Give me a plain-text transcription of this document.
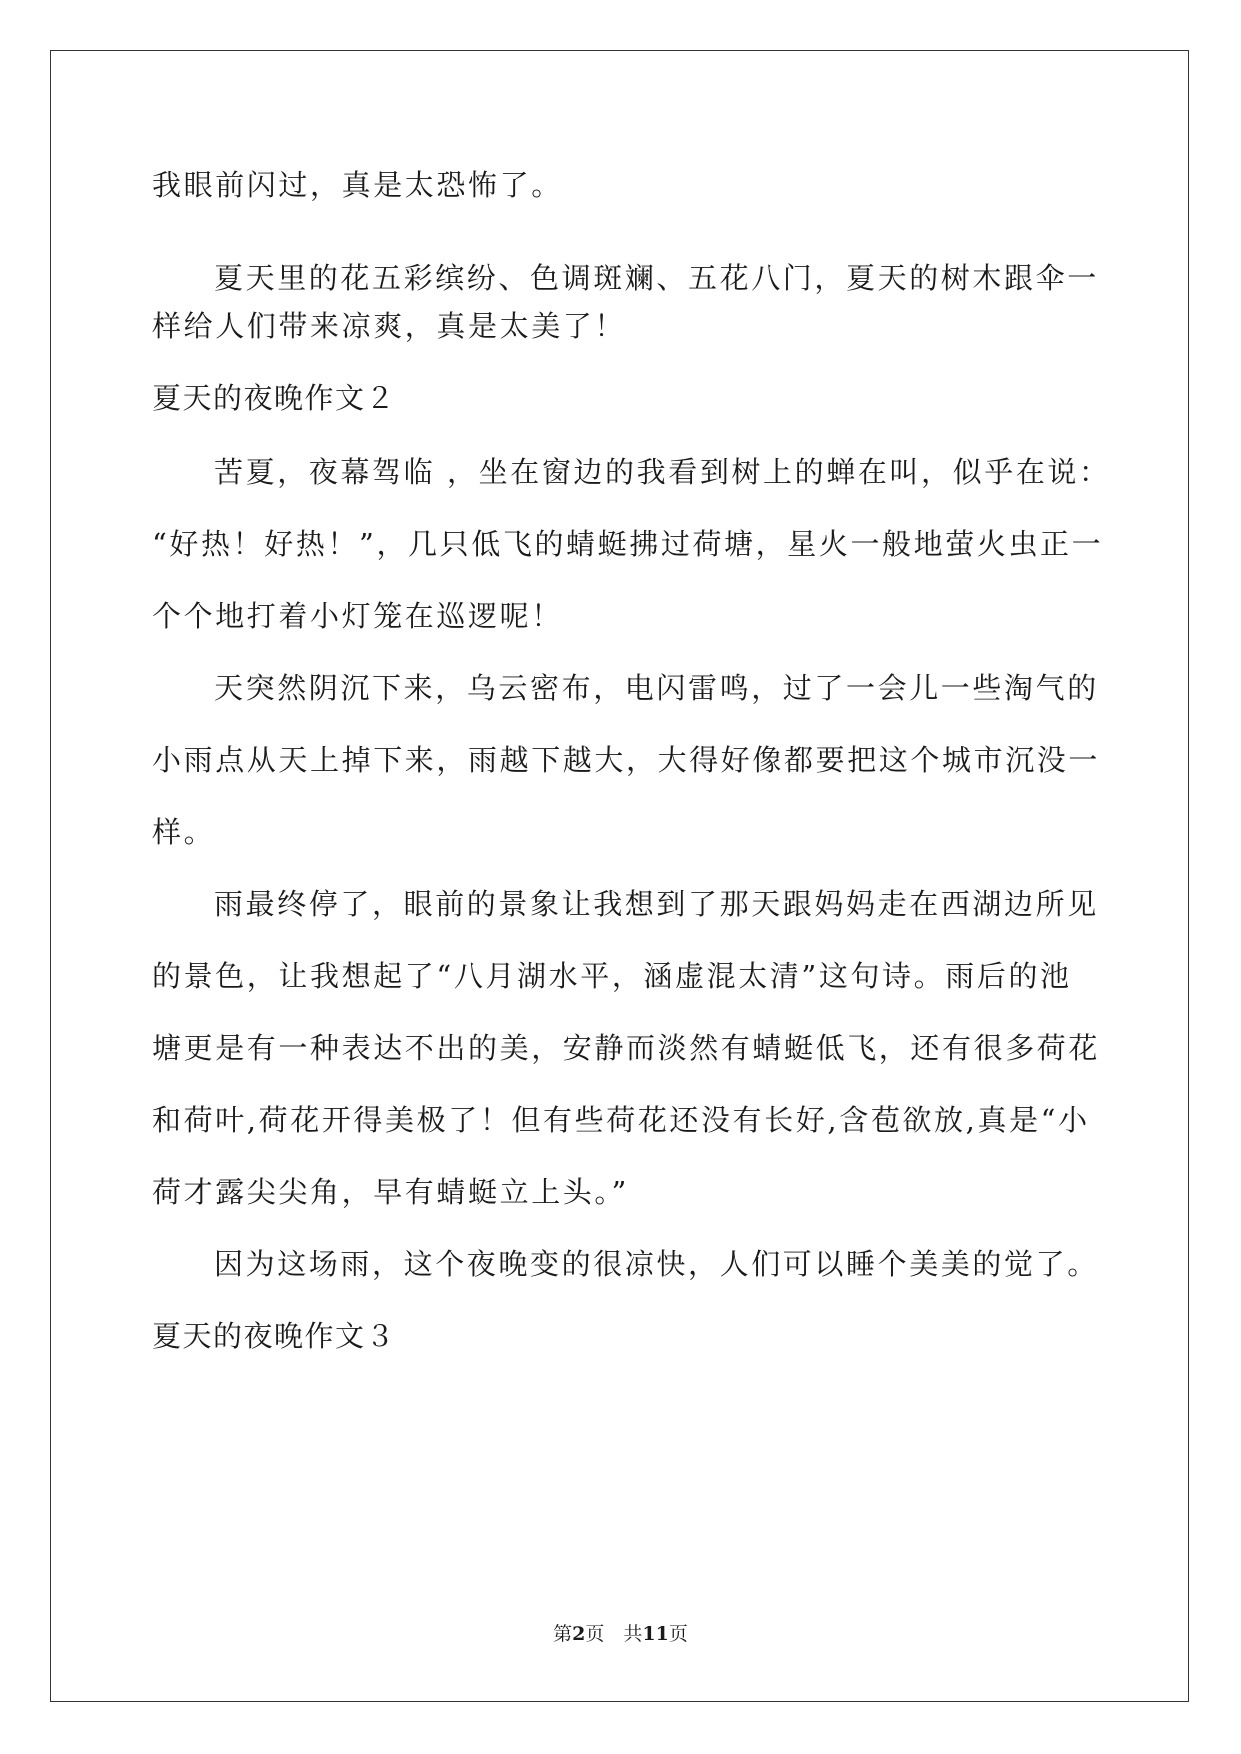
我眼前闪过，真是太恐怖了。
夏天里的花五彩缤纷、色调斑斓、五花八门，夏天的树木跟伞一
样给人们带来凉爽，真是太美了！
夏天的夜晚作文２
苦夏，夜幕驾临 ，坐在窗边的我看到树上的蝉在叫，似乎在说：
“好热！好热！”，几只低飞的蜻蜓拂过荷塘，星火一般地萤火虫正一
个个地打着小灯笼在巡逻呢！
天突然阴沉下来，乌云密布，电闪雷鸣，过了一会儿一些淘气的
小雨点从天上掉下来，雨越下越大，大得好像都要把这个城市沉没一
样。
雨最终停了，眼前的景象让我想到了那天跟妈妈走在西湖边所见
的景色，让我想起了“八月湖水平，涵虚混太清”这句诗。雨后的池
塘更是有一种表达不出的美，安静而淡然有蜻蜓低飞，还有很多荷花
和荷叶,荷花开得美极了！但有些荷花还没有长好,含苞欲放,真是“小
荷才露尖尖角，早有蜻蜓立上头。”
因为这场雨，这个夜晚变的很凉快，人们可以睡个美美的觉了。
夏天的夜晚作文３
第2页　共11页
